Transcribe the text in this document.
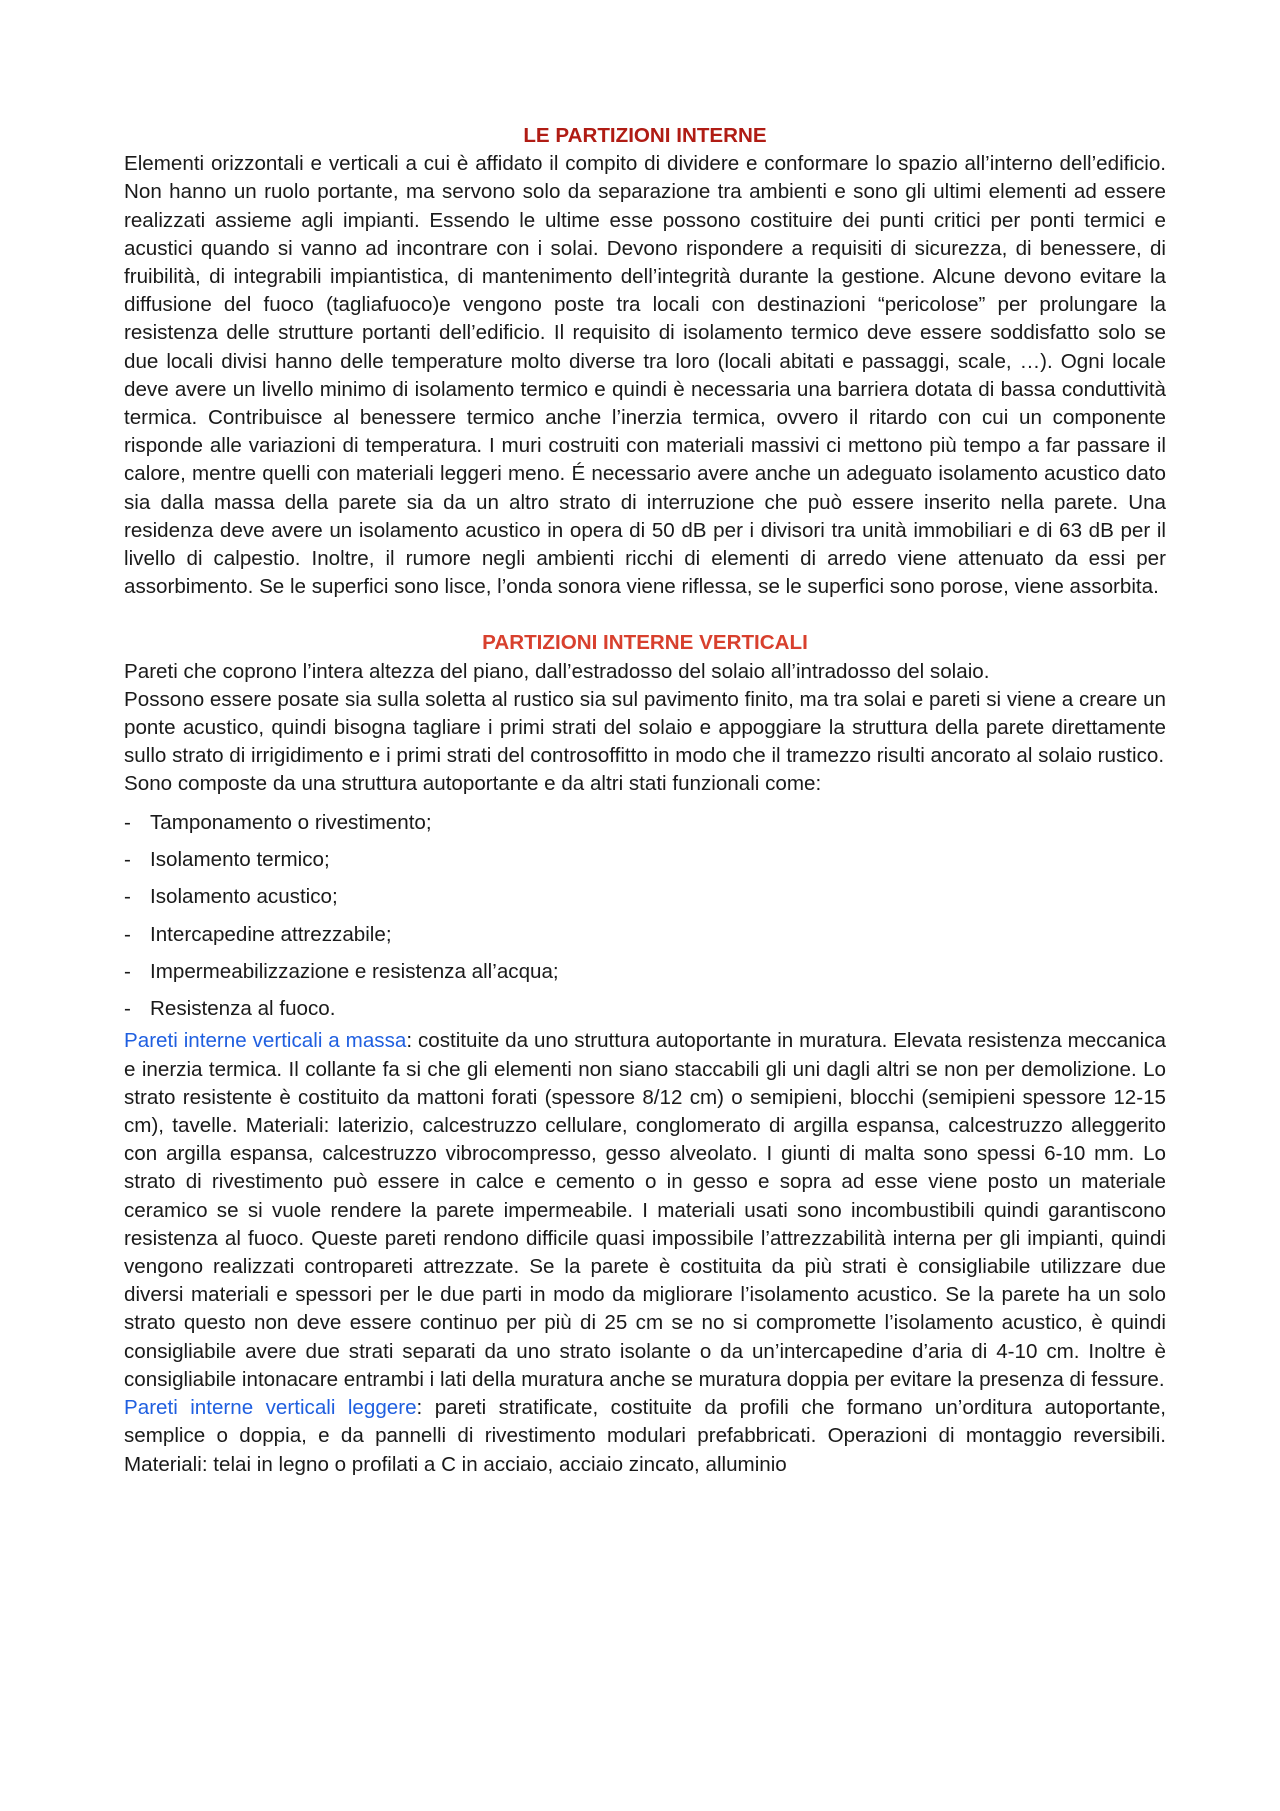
LE PARTIZIONI INTERNE

Elementi orizzontali e verticali a cui è affidato il compito di dividere e conformare lo spazio all’interno dell’edificio. Non hanno un ruolo portante, ma servono solo da separazione tra ambienti e sono gli ultimi elementi ad essere realizzati assieme agli impianti. Essendo le ultime esse possono costituire dei punti critici per ponti termici e acustici quando si vanno ad incontrare con i solai. Devono rispondere a requisiti di sicurezza, di benessere, di fruibilità, di integrabili impiantistica, di mantenimento dell’integrità durante la gestione. Alcune devono evitare la diffusione del fuoco (tagliafuoco)e vengono poste tra locali con destinazioni “pericolose” per prolungare la resistenza delle strutture portanti dell’edificio. Il requisito di isolamento termico deve essere soddisfatto solo se due locali divisi hanno delle temperature molto diverse tra loro (locali abitati e passaggi, scale, …). Ogni locale deve avere un livello minimo di isolamento termico e quindi è necessaria una barriera dotata di bassa conduttività termica. Contribuisce al benessere termico anche l’inerzia termica, ovvero il ritardo con cui un componente risponde alle variazioni di temperatura. I muri costruiti con materiali massivi ci mettono più tempo a far passare il calore, mentre quelli con materiali leggeri meno. É necessario avere anche un adeguato isolamento acustico dato sia dalla massa della parete sia da un altro strato di interruzione che può essere inserito nella parete. Una residenza deve avere un isolamento acustico in opera di 50 dB per i divisori tra unità immobiliari e di 63 dB per il livello di calpestio. Inoltre, il rumore negli ambienti ricchi di elementi di arredo viene attenuato da essi per assorbimento. Se le superfici sono lisce, l’onda sonora viene riflessa, se le superfici sono porose, viene assorbita.

PARTIZIONI INTERNE VERTICALI

Pareti che coprono l’intera altezza del piano, dall’estradosso del solaio all’intradosso del solaio.

Possono essere posate sia sulla soletta al rustico sia sul pavimento finito, ma tra solai e pareti si viene a creare un ponte acustico, quindi bisogna tagliare i primi strati del solaio e appoggiare la struttura della parete direttamente sullo strato di irrigidimento e i primi strati del controsoffitto in modo che il tramezzo risulti ancorato al solaio rustico.

Sono composte da una struttura autoportante e da altri stati funzionali come:

- Tamponamento o rivestimento;
- Isolamento termico;
- Isolamento acustico;
- Intercapedine attrezzabile;
- Impermeabilizzazione e resistenza all’acqua;
- Resistenza al fuoco.

Pareti interne verticali a massa: costituite da uno struttura autoportante in muratura. Elevata resistenza meccanica e inerzia termica. Il collante fa si che gli elementi non siano staccabili gli uni dagli altri se non per demolizione. Lo strato resistente è costituito da mattoni forati (spessore 8/12 cm) o semipieni, blocchi (semipieni spessore 12-15 cm), tavelle. Materiali: laterizio, calcestruzzo cellulare, conglomerato di argilla espansa, calcestruzzo alleggerito con argilla espansa, calcestruzzo vibrocompresso, gesso alveolato. I giunti di malta sono spessi 6-10 mm. Lo strato di rivestimento può essere in calce e cemento o in gesso e sopra ad esse viene posto un materiale ceramico se si vuole rendere la parete impermeabile. I materiali usati sono incombustibili quindi garantiscono resistenza al fuoco. Queste pareti rendono difficile quasi impossibile l’attrezzabilità interna per gli impianti, quindi vengono realizzati contropareti attrezzate. Se la parete è costituita da più strati è consigliabile utilizzare due diversi materiali e spessori per le due parti in modo da migliorare l’isolamento acustico. Se la parete ha un solo strato questo non deve essere continuo per più di 25 cm se no si compromette l’isolamento acustico, è quindi consigliabile avere due strati separati da uno strato isolante o da un’intercapedine d’aria di 4-10 cm. Inoltre è consigliabile intonacare entrambi i lati della muratura anche se muratura doppia per evitare la presenza di fessure.

Pareti interne verticali leggere: pareti stratificate, costituite da profili che formano un’orditura autoportante, semplice o doppia, e da pannelli di rivestimento modulari prefabbricati. Operazioni di montaggio reversibili. Materiali: telai in legno o profilati a C in acciaio, acciaio zincato, alluminio
